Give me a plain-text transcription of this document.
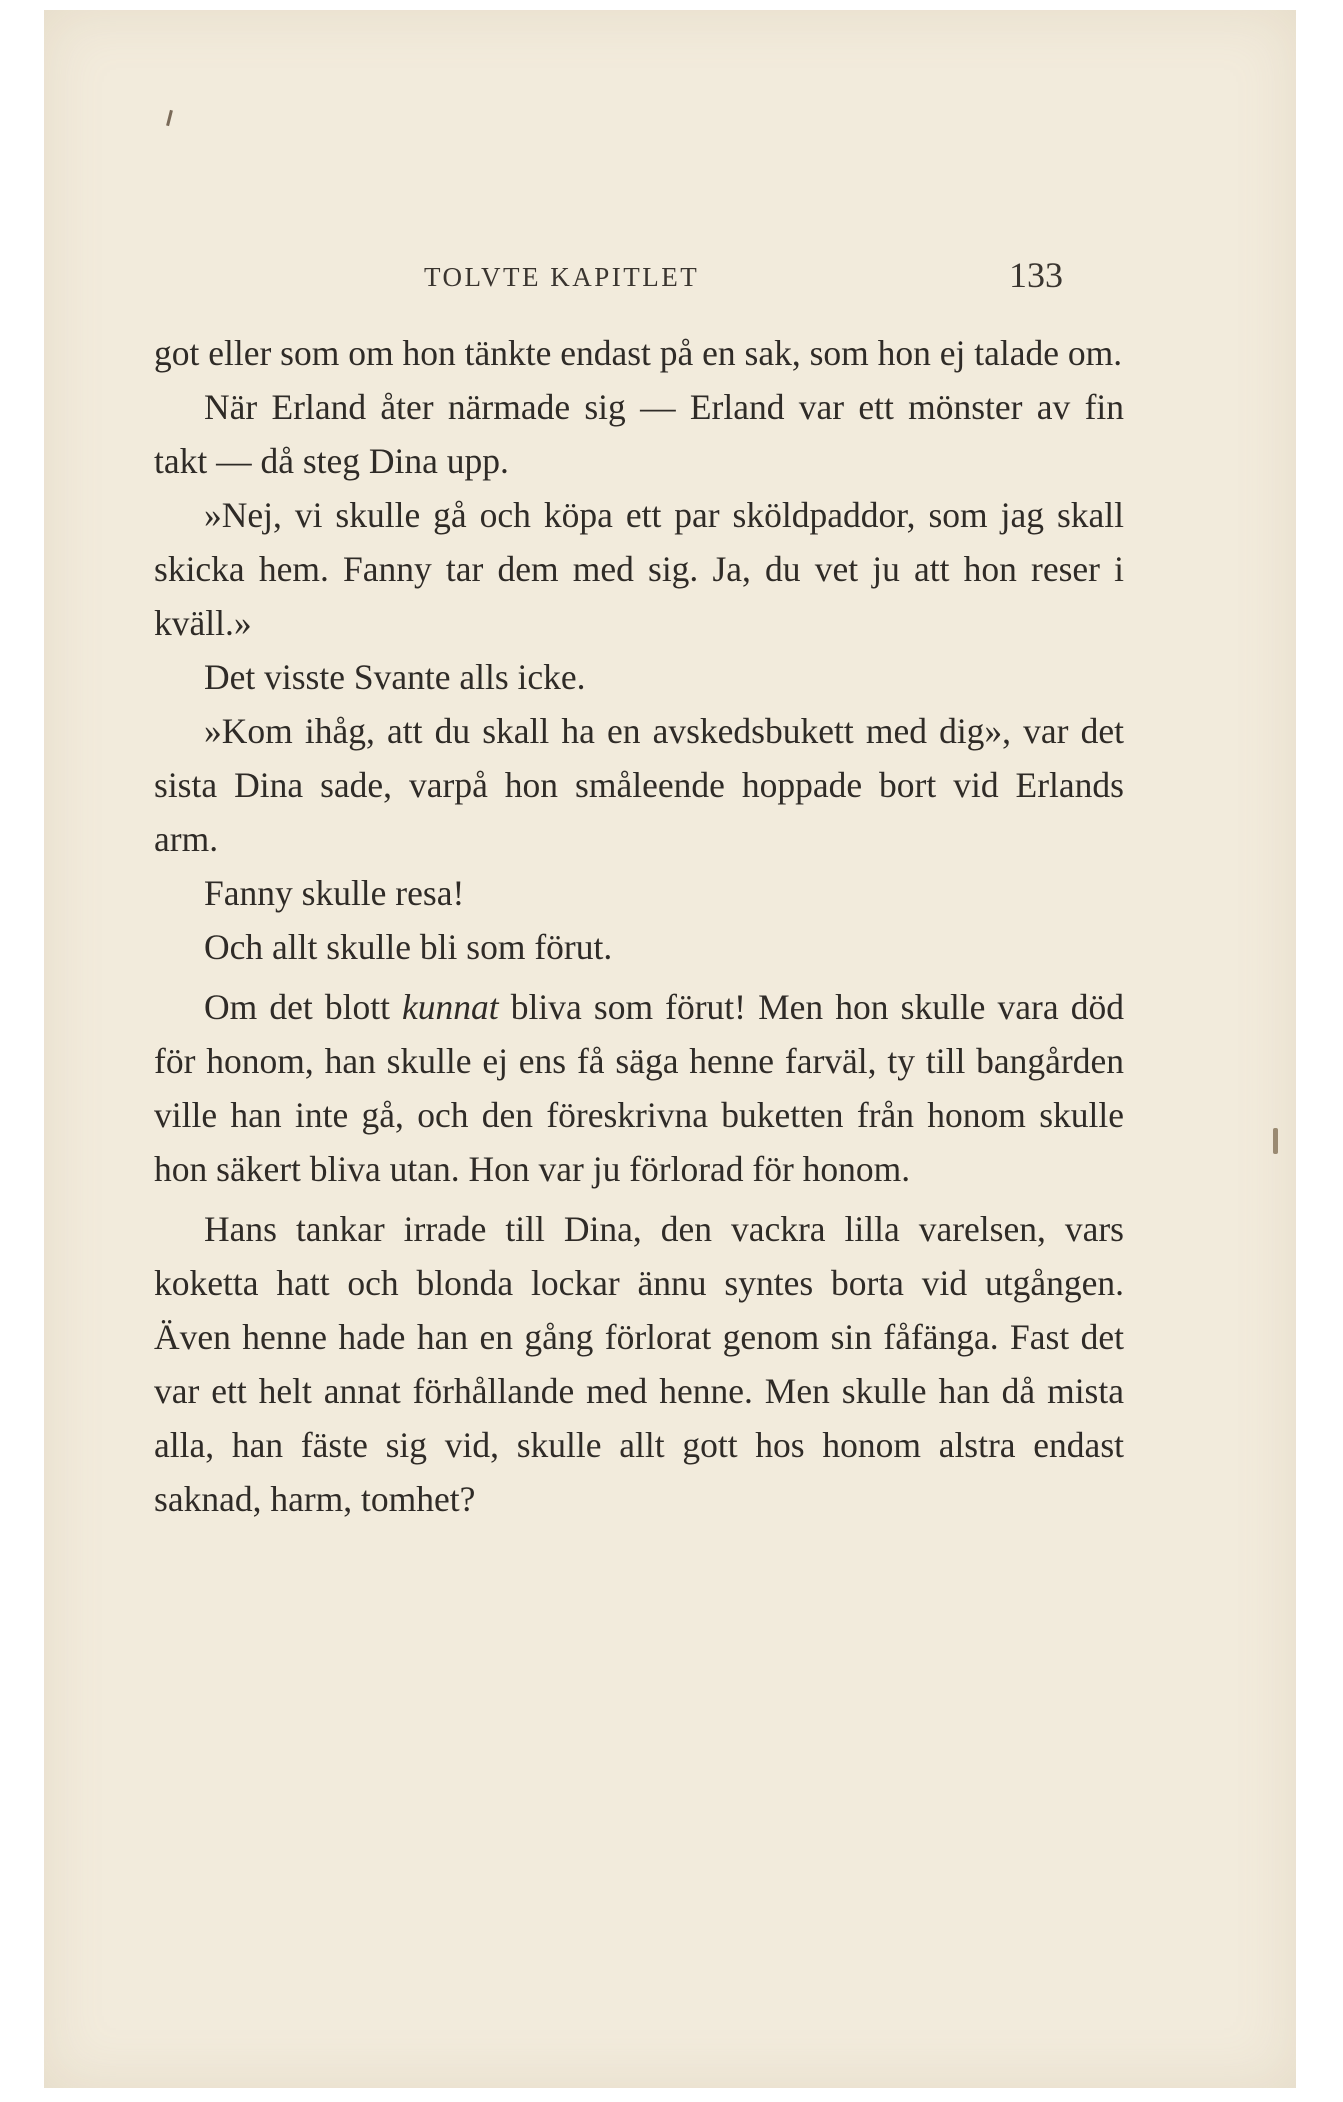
TOLVTE KAPITLET	133

got eller som om hon tänkte endast på en sak, som hon ej talade om.

När Erland åter närmade sig — Erland var ett mönster av fin takt — då steg Dina upp.

»Nej, vi skulle gå och köpa ett par sköldpaddor, som jag skall skicka hem. Fanny tar dem med sig. Ja, du vet ju att hon reser i kväll.»

Det visste Svante alls icke.

»Kom ihåg, att du skall ha en avskedsbukett med dig», var det sista Dina sade, varpå hon småleende hoppade bort vid Erlands arm.

Fanny skulle resa!

Och allt skulle bli som förut.

Om det blott kunnat bliva som förut! Men hon skulle vara död för honom, han skulle ej ens få säga henne farväl, ty till bangården ville han inte gå, och den föreskrivna buketten från honom skulle hon säkert bliva utan. Hon var ju förlorad för honom.

Hans tankar irrade till Dina, den vackra lilla varelsen, vars koketta hatt och blonda lockar ännu syntes borta vid utgången. Även henne hade han en gång förlorat genom sin fåfänga. Fast det var ett helt annat förhållande med henne. Men skulle han då mista alla, han fäste sig vid, skulle allt gott hos honom alstra endast saknad, harm, tomhet?
